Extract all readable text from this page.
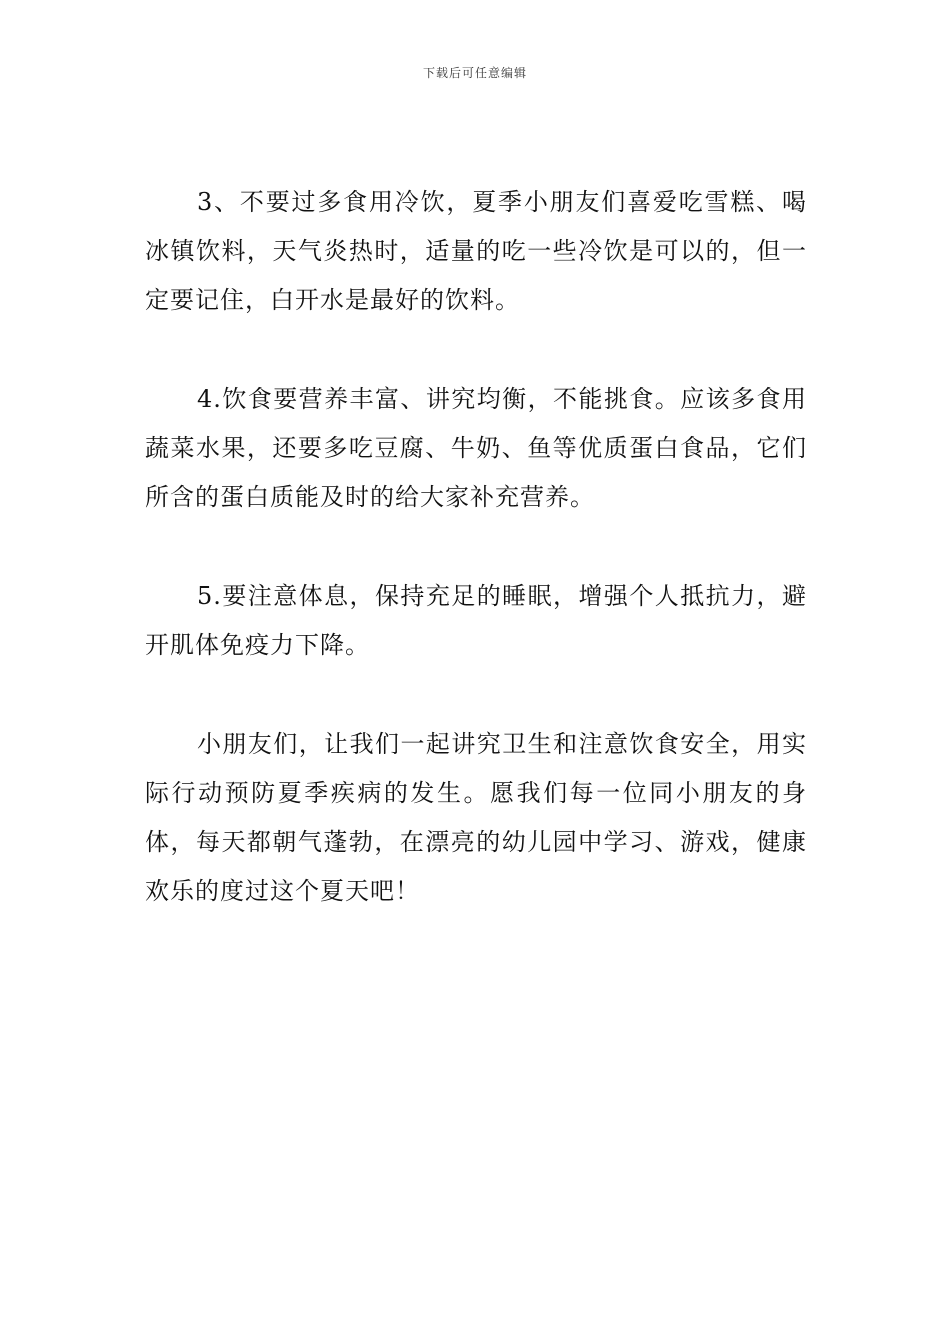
下载后可任意编辑

3、不要过多食用冷饮，夏季小朋友们喜爱吃雪糕、喝冰镇饮料，天气炎热时，适量的吃一些冷饮是可以的，但一定要记住，白开水是最好的饮料。

4.饮食要营养丰富、讲究均衡，不能挑食。应该多食用蔬菜水果，还要多吃豆腐、牛奶、鱼等优质蛋白食品，它们所含的蛋白质能及时的给大家补充营养。

5.要注意体息，保持充足的睡眠，增强个人抵抗力，避开肌体免疫力下降。

小朋友们，让我们一起讲究卫生和注意饮食安全，用实际行动预防夏季疾病的发生。愿我们每一位同小朋友的身体，每天都朝气蓬勃，在漂亮的幼儿园中学习、游戏，健康欢乐的度过这个夏天吧！
